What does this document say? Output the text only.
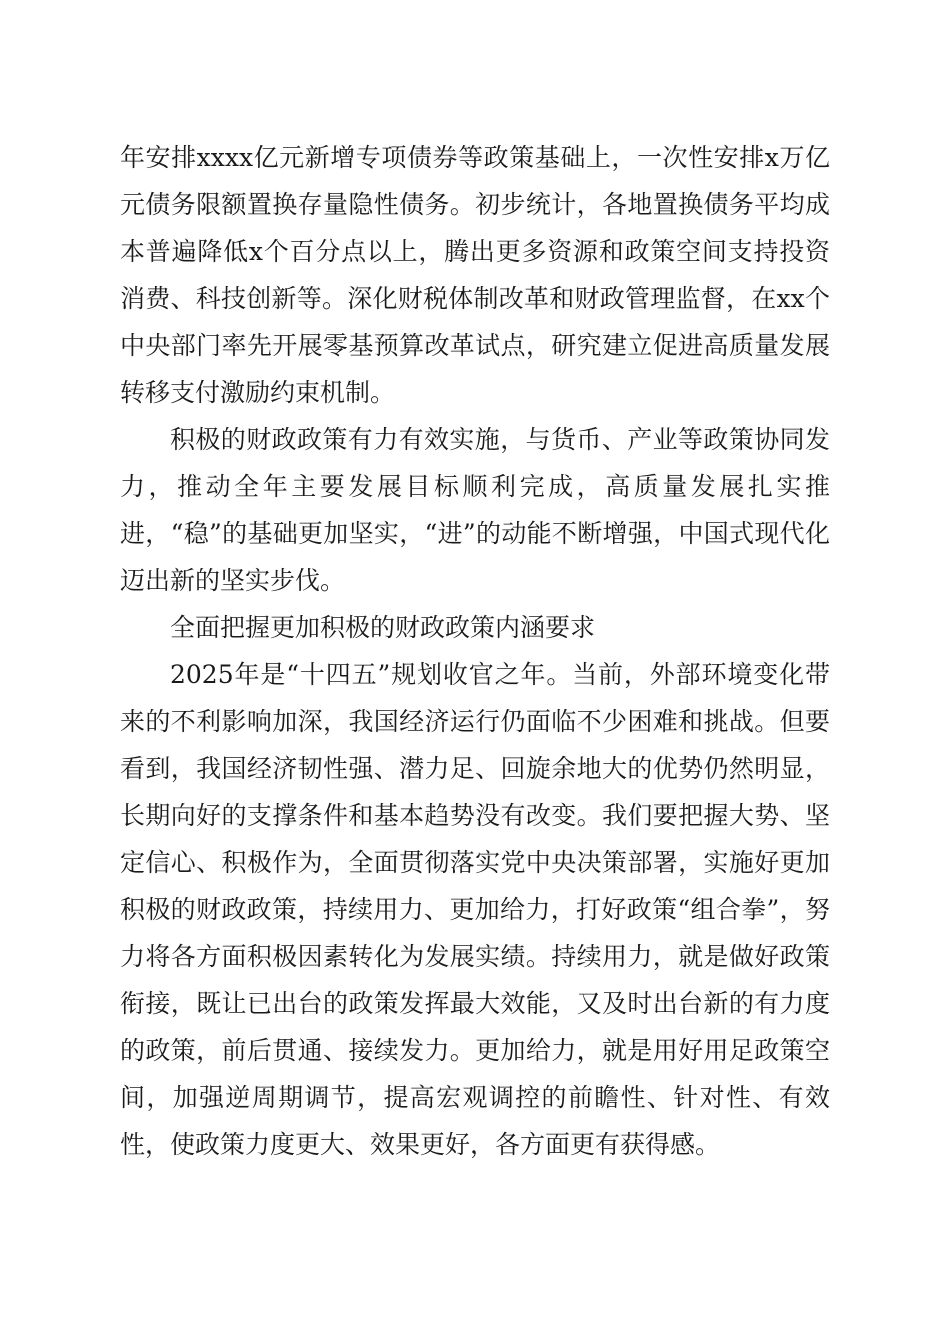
年安排xxxx亿元新增专项债券等政策基础上，一次性安排x万亿元债务限额置换存量隐性债务。初步统计，各地置换债务平均成本普遍降低x个百分点以上，腾出更多资源和政策空间支持投资消费、科技创新等。深化财税体制改革和财政管理监督，在xx个中央部门率先开展零基预算改革试点，研究建立促进高质量发展转移支付激励约束机制。

积极的财政政策有力有效实施，与货币、产业等政策协同发力，推动全年主要发展目标顺利完成，高质量发展扎实推进，“稳”的基础更加坚实，“进”的动能不断增强，中国式现代化迈出新的坚实步伐。

全面把握更加积极的财政政策内涵要求

2025年是“十四五”规划收官之年。当前，外部环境变化带来的不利影响加深，我国经济运行仍面临不少困难和挑战。但要看到，我国经济韧性强、潜力足、回旋余地大的优势仍然明显，长期向好的支撑条件和基本趋势没有改变。我们要把握大势、坚定信心、积极作为，全面贯彻落实党中央决策部署，实施好更加积极的财政政策，持续用力、更加给力，打好政策“组合拳”，努力将各方面积极因素转化为发展实绩。持续用力，就是做好政策衔接，既让已出台的政策发挥最大效能，又及时出台新的有力度的政策，前后贯通、接续发力。更加给力，就是用好用足政策空间，加强逆周期调节，提高宏观调控的前瞻性、针对性、有效性，使政策力度更大、效果更好，各方面更有获得感。
